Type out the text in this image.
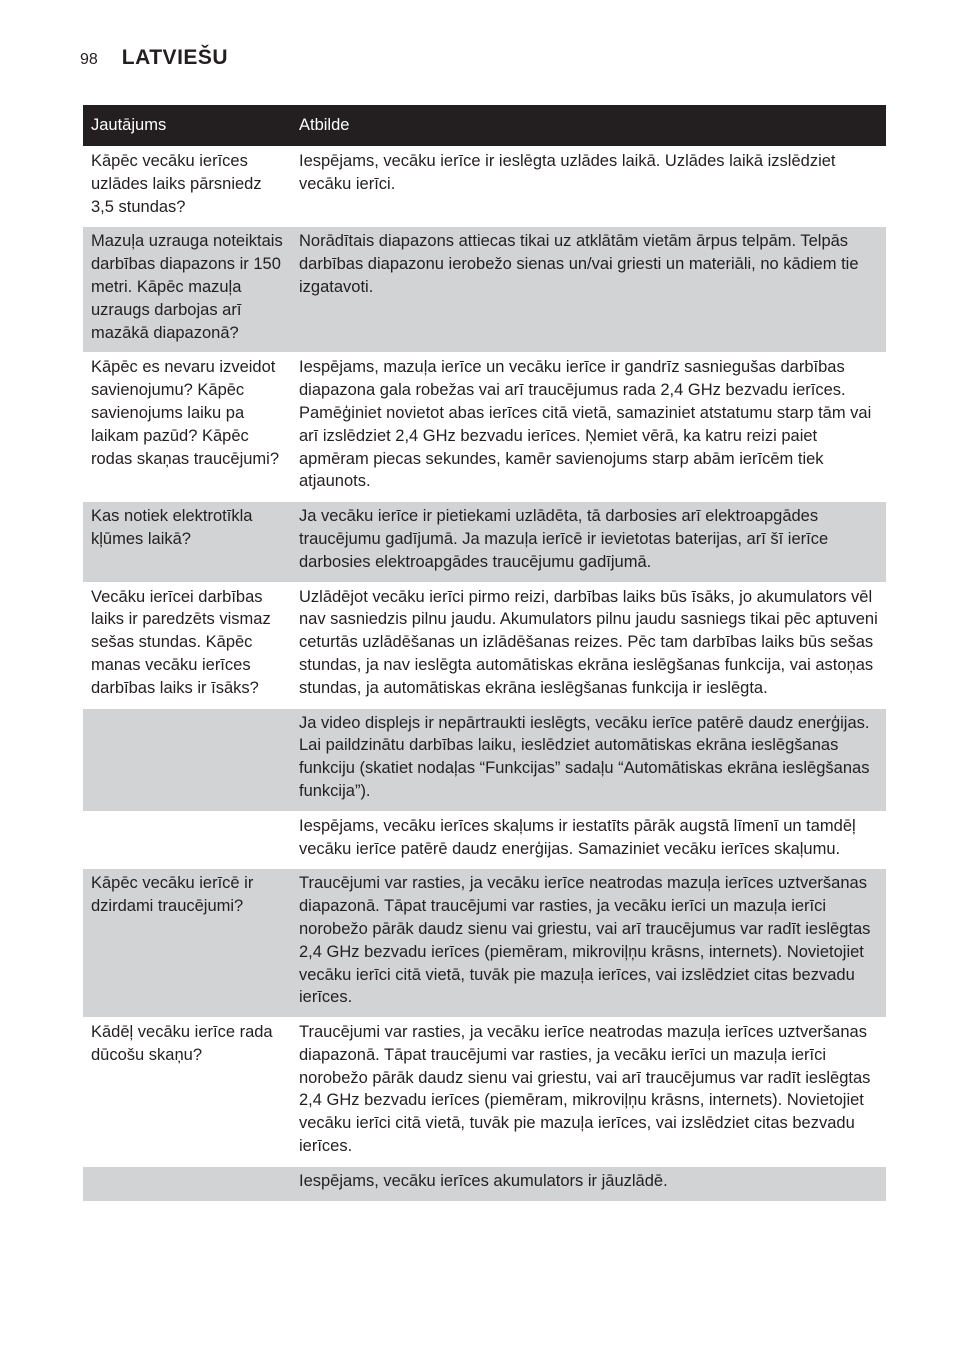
98 LATVIEŠU
Jautājums	Atbilde
Kāpēc vecāku ierīces uzlādes laiks pārsniedz 3,5 stundas?	Iespējams, vecāku ierīce ir ieslēgta uzlādes laikā. Uzlādes laikā izslēdziet vecāku ierīci.
Mazuļa uzrauga noteiktais darbības diapazons ir 150 metri. Kāpēc mazuļa uzraugs darbojas arī mazākā diapazonā?	Norādītais diapazons attiecas tikai uz atklātām vietām ārpus telpām. Telpās darbības diapazonu ierobežo sienas un/vai griesti un materiāli, no kādiem tie izgatavoti.
Kāpēc es nevaru izveidot savienojumu? Kāpēc savienojums laiku pa laikam pazūd? Kāpēc rodas skaņas traucējumi?	Iespējams, mazuļa ierīce un vecāku ierīce ir gandrīz sasniegušas darbības diapazona gala robežas vai arī traucējumus rada 2,4 GHz bezvadu ierīces. Pamēģiniet novietot abas ierīces citā vietā, samaziniet atstatumu starp tām vai arī izslēdziet 2,4 GHz bezvadu ierīces. Ņemiet vērā, ka katru reizi paiet apmēram piecas sekundes, kamēr savienojums starp abām ierīcēm tiek atjaunots.
Kas notiek elektrotīkla kļūmes laikā?	Ja vecāku ierīce ir pietiekami uzlādēta, tā darbosies arī elektroapgādes traucējumu gadījumā. Ja mazuļa ierīcē ir ievietotas baterijas, arī šī ierīce darbosies elektroapgādes traucējumu gadījumā.
Vecāku ierīcei darbības laiks ir paredzēts vismaz sešas stundas. Kāpēc manas vecāku ierīces darbības laiks ir īsāks?	Uzlādējot vecāku ierīci pirmo reizi, darbības laiks būs īsāks, jo akumulators vēl nav sasniedzis pilnu jaudu. Akumulators pilnu jaudu sasniegs tikai pēc aptuveni ceturtās uzlādēšanas un izlādēšanas reizes. Pēc tam darbības laiks būs sešas stundas, ja nav ieslēgta automātiskas ekrāna ieslēgšanas funkcija, vai astoņas stundas, ja automātiskas ekrāna ieslēgšanas funkcija ir ieslēgta.
	Ja video displejs ir nepārtraukti ieslēgts, vecāku ierīce patērē daudz enerģijas. Lai paildzinātu darbības laiku, ieslēdziet automātiskas ekrāna ieslēgšanas funkciju (skatiet nodaļas “Funkcijas” sadaļu “Automātiskas ekrāna ieslēgšanas funkcija”).
	Iespējams, vecāku ierīces skaļums ir iestatīts pārāk augstā līmenī un tamdēļ vecāku ierīce patērē daudz enerģijas. Samaziniet vecāku ierīces skaļumu.
Kāpēc vecāku ierīcē ir dzirdami traucējumi?	Traucējumi var rasties, ja vecāku ierīce neatrodas mazuļa ierīces uztveršanas diapazonā. Tāpat traucējumi var rasties, ja vecāku ierīci un mazuļa ierīci norobežo pārāk daudz sienu vai griestu, vai arī traucējumus var radīt ieslēgtas 2,4 GHz bezvadu ierīces (piemēram, mikroviļņu krāsns, internets). Novietojiet vecāku ierīci citā vietā, tuvāk pie mazuļa ierīces, vai izslēdziet citas bezvadu ierīces.
Kādēļ vecāku ierīce rada dūcošu skaņu?	Traucējumi var rasties, ja vecāku ierīce neatrodas mazuļa ierīces uztveršanas diapazonā. Tāpat traucējumi var rasties, ja vecāku ierīci un mazuļa ierīci norobežo pārāk daudz sienu vai griestu, vai arī traucējumus var radīt ieslēgtas 2,4 GHz bezvadu ierīces (piemēram, mikroviļņu krāsns, internets). Novietojiet vecāku ierīci citā vietā, tuvāk pie mazuļa ierīces, vai izslēdziet citas bezvadu ierīces.
	Iespējams, vecāku ierīces akumulators ir jāuzlādē.
